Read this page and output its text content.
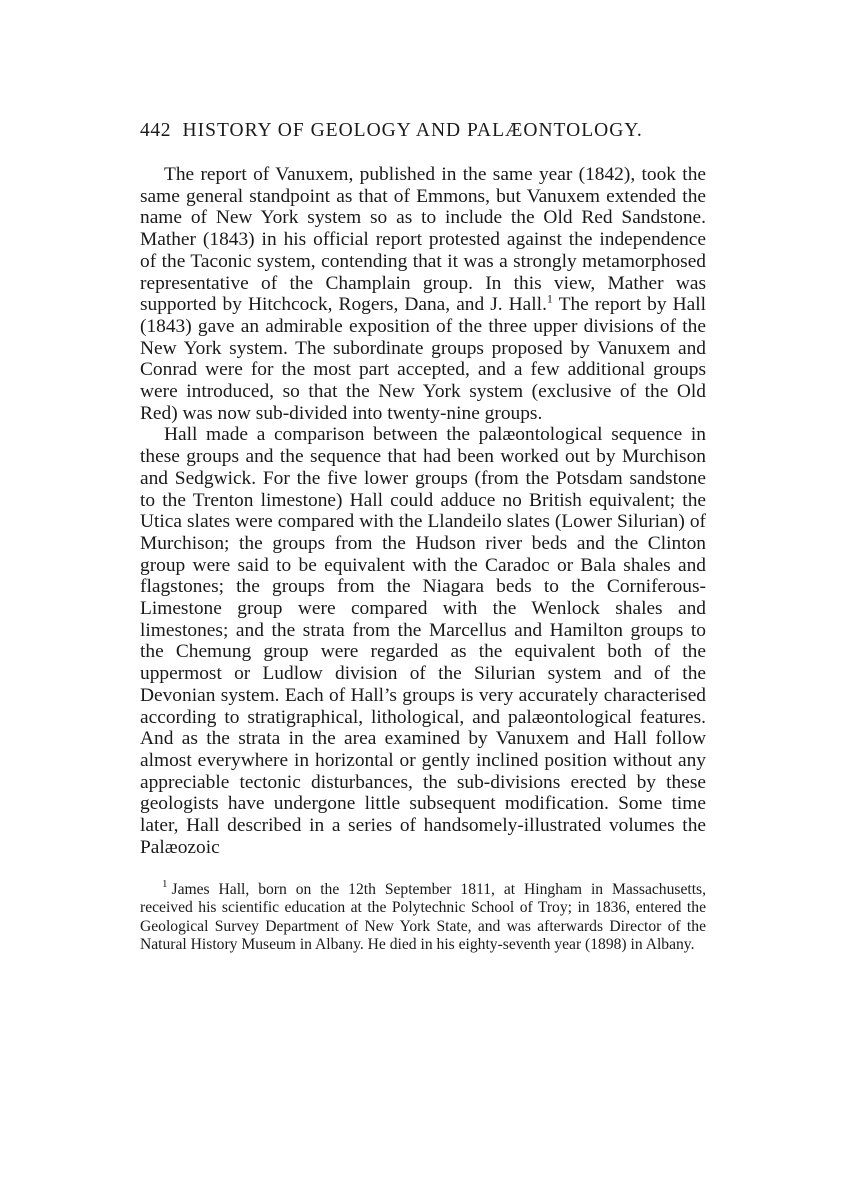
442 HISTORY OF GEOLOGY AND PALÆONTOLOGY.

The report of Vanuxem, published in the same year (1842), took the same general standpoint as that of Emmons, but Vanuxem extended the name of New York system so as to include the Old Red Sandstone. Mather (1843) in his official report protested against the independence of the Taconic system, contending that it was a strongly metamorphosed representative of the Champlain group. In this view, Mather was supported by Hitchcock, Rogers, Dana, and J. Hall.$^1$ The report by Hall (1843) gave an admirable exposition of the three upper divisions of the New York system. The subordinate groups proposed by Vanuxem and Conrad were for the most part accepted, and a few additional groups were introduced, so that the New York system (exclusive of the Old Red) was now sub-divided into twenty-nine groups.

Hall made a comparison between the palæontological sequence in these groups and the sequence that had been worked out by Murchison and Sedgwick. For the five lower groups (from the Potsdam sandstone to the Trenton limestone) Hall could adduce no British equivalent; the Utica slates were compared with the Llandeilo slates (Lower Silurian) of Murchison; the groups from the Hudson river beds and the Clinton group were said to be equivalent with the Caradoc or Bala shales and flagstones; the groups from the Niagara beds to the Corniferous-Limestone group were compared with the Wenlock shales and limestones; and the strata from the Marcellus and Hamilton groups to the Chemung group were regarded as the equivalent both of the uppermost or Ludlow division of the Silurian system and of the Devonian system. Each of Hall’s groups is very accurately characterised according to stratigraphical, lithological, and palæontological features. And as the strata in the area examined by Vanuxem and Hall follow almost everywhere in horizontal or gently inclined position without any appreciable tectonic disturbances, the sub-divisions erected by these geologists have undergone little subsequent modification. Some time later, Hall described in a series of handsomely-illustrated volumes the Palæozoic

$^1$ James Hall, born on the 12th September 1811, at Hingham in Massachusetts, received his scientific education at the Polytechnic School of Troy; in 1836, entered the Geological Survey Department of New York State, and was afterwards Director of the Natural History Museum in Albany. He died in his eighty-seventh year (1898) in Albany.
